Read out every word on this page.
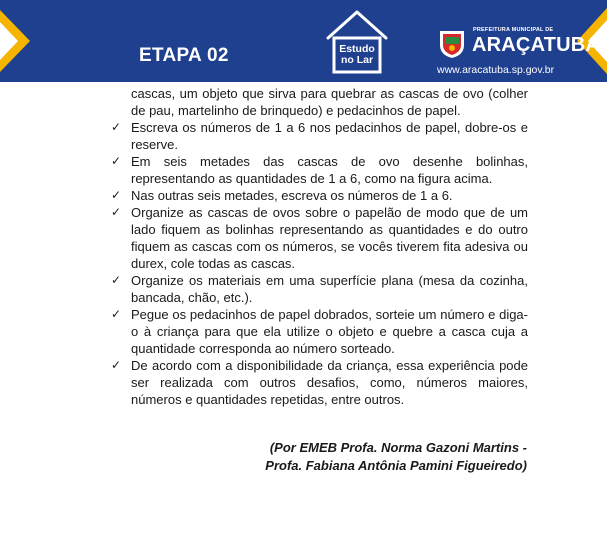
ETAPA 02	Estudo
no Lar
PREFEITURA MUNICIPAL DE
ARAÇATUBA
www.aracatuba.sp.gov.br
cascas, um objeto que sirva para quebrar as cascas de ovo (colher de pau, martelinho de brinquedo) e pedacinhos de papel.
✓ Escreva os números de 1 a 6 nos pedacinhos de papel, dobre-os e reserve.
✓ Em seis metades das cascas de ovo desenhe bolinhas, representando as quantidades de 1 a 6, como na figura acima.
✓ Nas outras seis metades, escreva os números de 1 a 6.
✓ Organize as cascas de ovos sobre o papelão de modo que de um lado fiquem as bolinhas representando as quantidades e do outro fiquem as cascas com os números, se vocês tiverem fita adesiva ou durex, cole todas as cascas.
✓ Organize os materiais em uma superfície plana (mesa da cozinha, bancada, chão, etc.).
✓ Pegue os pedacinhos de papel dobrados, sorteie um número e diga-o à criança para que ela utilize o objeto e quebre a casca cuja a quantidade corresponda ao número sorteado.
✓ De acordo com a disponibilidade da criança, essa experiência pode ser realizada com outros desafios, como, números maiores, números e quantidades repetidas, entre outros.
(Por EMEB Profa. Norma Gazoni Martins -
Profa. Fabiana Antônia Pamini Figueiredo)
